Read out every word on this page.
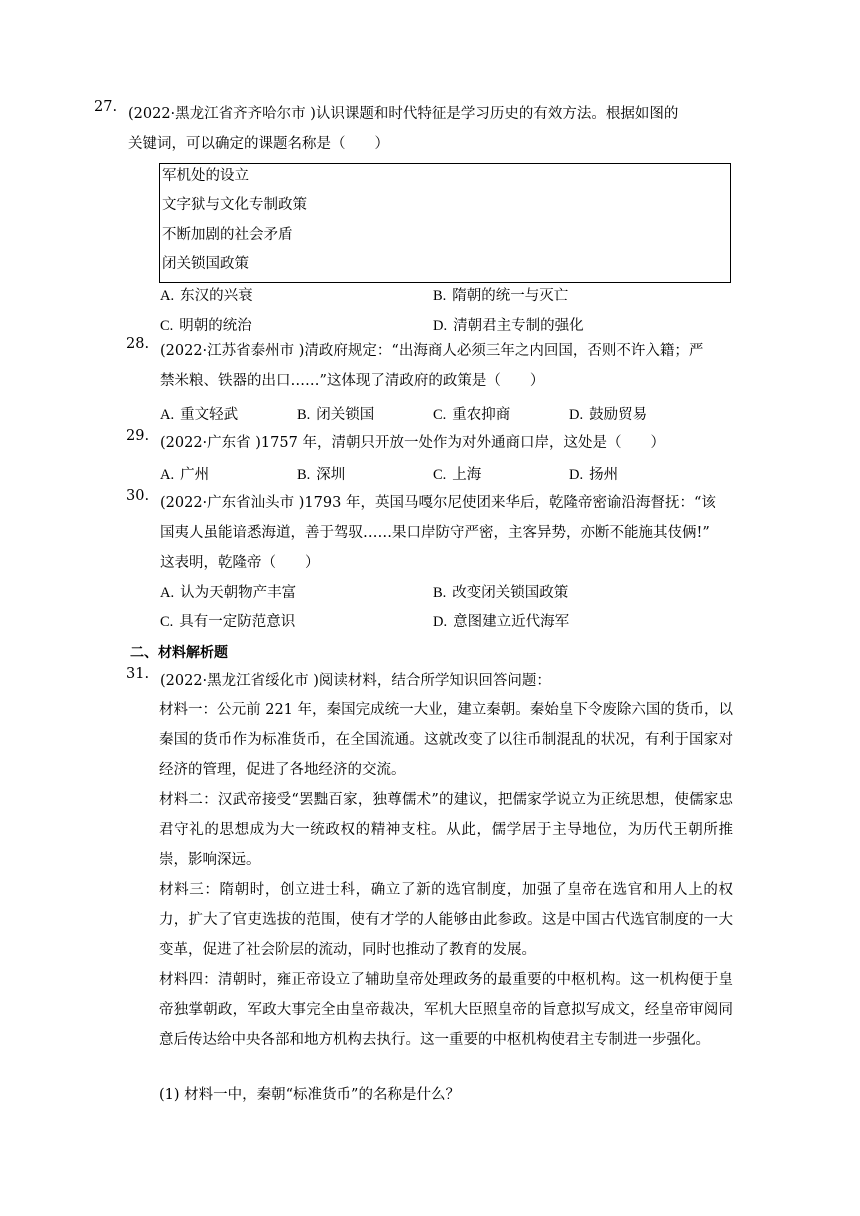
27. (2022·黑龙江省齐齐哈尔市 )认识课题和时代特征是学习历史的有效方法。根据如图的
关键词，可以确定的课题名称是（　　）
军机处的设立
文字狱与文化专制政策
不断加剧的社会矛盾
闭关锁国政策
A. 东汉的兴衰	B. 隋朝的统一与灭亡
C. 明朝的统治	D. 清朝君主专制的强化
28. (2022·江苏省泰州市 )清政府规定：“出海商人必须三年之内回国，否则不许入籍；严
禁米粮、铁器的出口……”这体现了清政府的政策是（　　）
A. 重文轻武	B. 闭关锁国	C. 重农抑商	D. 鼓励贸易
29. (2022·广东省 )1757 年，清朝只开放一处作为对外通商口岸，这处是（　　）
A. 广州	B. 深圳	C. 上海	D. 扬州
30. (2022·广东省汕头市 )1793 年，英国马嘎尔尼使团来华后，乾隆帝密谕沿海督抚：“该
国夷人虽能谙悉海道，善于驾驭……果口岸防守严密，主客异势，亦断不能施其伎俩!”
这表明，乾隆帝（　　）
A. 认为天朝物产丰富	B. 改变闭关锁国政策
C. 具有一定防范意识	D. 意图建立近代海军
二、材料解析题
31. (2022·黑龙江省绥化市 )阅读材料，结合所学知识回答问题：

材料一：公元前 221 年，秦国完成统一大业，建立秦朝。秦始皇下令废除六国的货币，以秦国的货币作为标准货币，在全国流通。这就改变了以往币制混乱的状况，有利于国家对经济的管理，促进了各地经济的交流。

材料二：汉武帝接受“罢黜百家，独尊儒术”的建议，把儒家学说立为正统思想，使儒家忠君守礼的思想成为大一统政权的精神支柱。从此，儒学居于主导地位，为历代王朝所推崇，影响深远。

材料三：隋朝时，创立进士科，确立了新的选官制度，加强了皇帝在选官和用人上的权力，扩大了官吏选拔的范围，使有才学的人能够由此参政。这是中国古代选官制度的一大变革，促进了社会阶层的流动，同时也推动了教育的发展。

材料四：清朝时，雍正帝设立了辅助皇帝处理政务的最重要的中枢机构。这一机构便于皇帝独掌朝政，军政大事完全由皇帝裁决，军机大臣照皇帝的旨意拟写成文，经皇帝审阅同意后传达给中央各部和地方机构去执行。这一重要的中枢机构使君主专制进一步强化。

(1) 材料一中，秦朝“标准货币”的名称是什么？
